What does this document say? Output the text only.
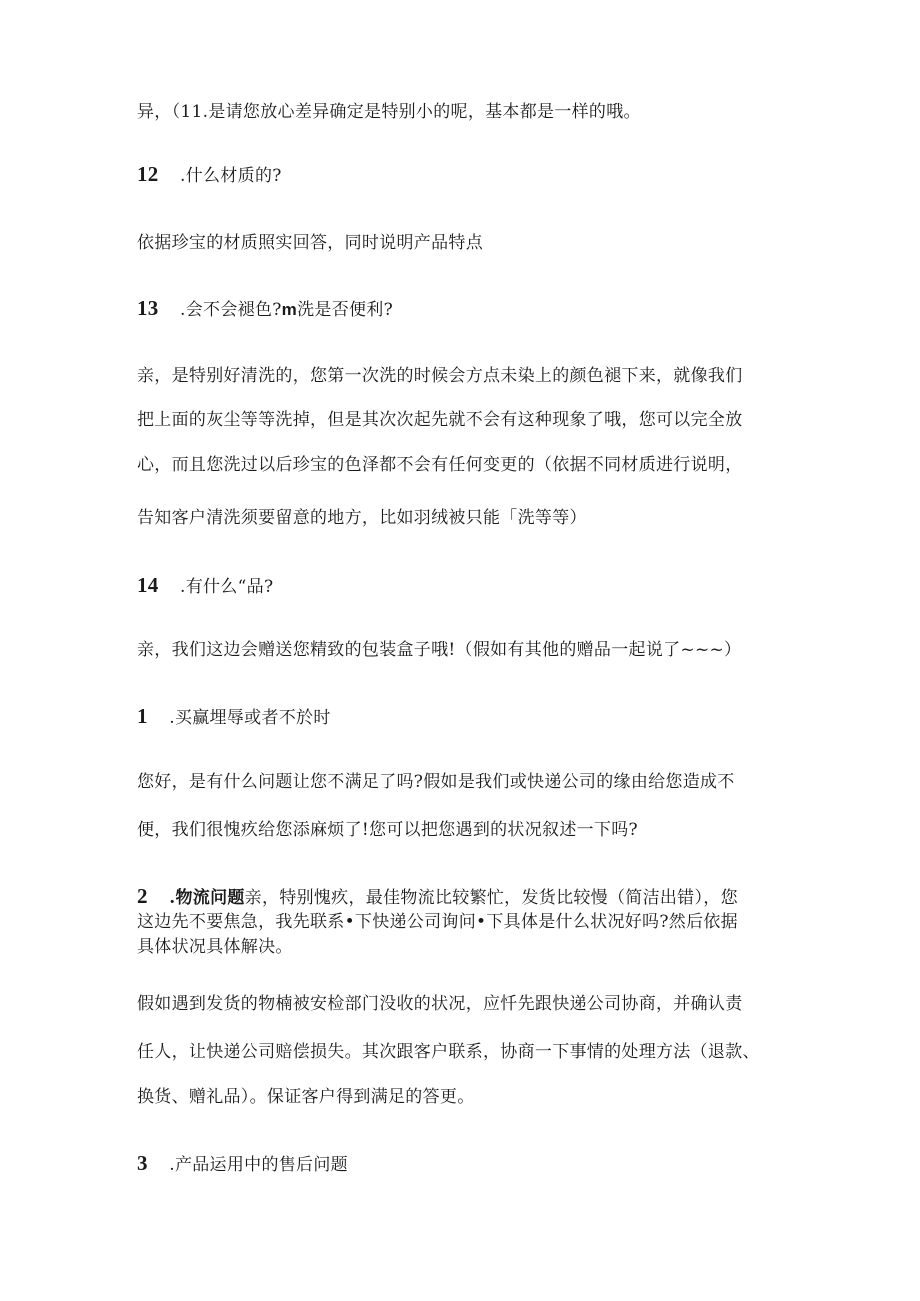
异，（11.是请您放心差异确定是特别小的呢，基本都是一样的哦。
12 .什么材质的?
依据珍宝的材质照实回答，同时说明产品特点
13 .会不会褪色?m洗是否便利?
亲，是特别好清洗的，您第一次洗的时候会方点未染上的颜色褪下来，就像我们
把上面的灰尘等等洗掉，但是其次次起先就不会有这种现象了哦，您可以完全放
心，而且您洗过以后珍宝的色泽都不会有任何变更的（依据不同材质进行说明，
告知客户清洗须要留意的地方，比如羽绒被只能「洗等等）
14 .有什么“品?
亲，我们这边会赠送您精致的包装盒子哦!（假如有其他的赠品一起说了~~~）
1 .买赢埋辱或者不於时
您好，是有什么问题让您不满足了吗?假如是我们或快递公司的缘由给您造成不
便，我们很愧疚给您添麻烦了!您可以把您遇到的状况叙述一下吗?
2 .物流问题亲，特别愧疚，最佳物流比较繁忙，发货比较慢（简洁出错），您
这边先不要焦急，我先联系•下快递公司询问•下具体是什么状况好吗?然后依据
具体状况具体解决。
假如遇到发货的物楠被安检部门没收的状况，应忏先跟快递公司协商，并确认责
任人，让快递公司赔偿损失。其次跟客户联系，协商一下事情的处理方法（退款、
换货、赠礼品）。保证客户得到满足的答更。
3 .产品运用中的售后问题
